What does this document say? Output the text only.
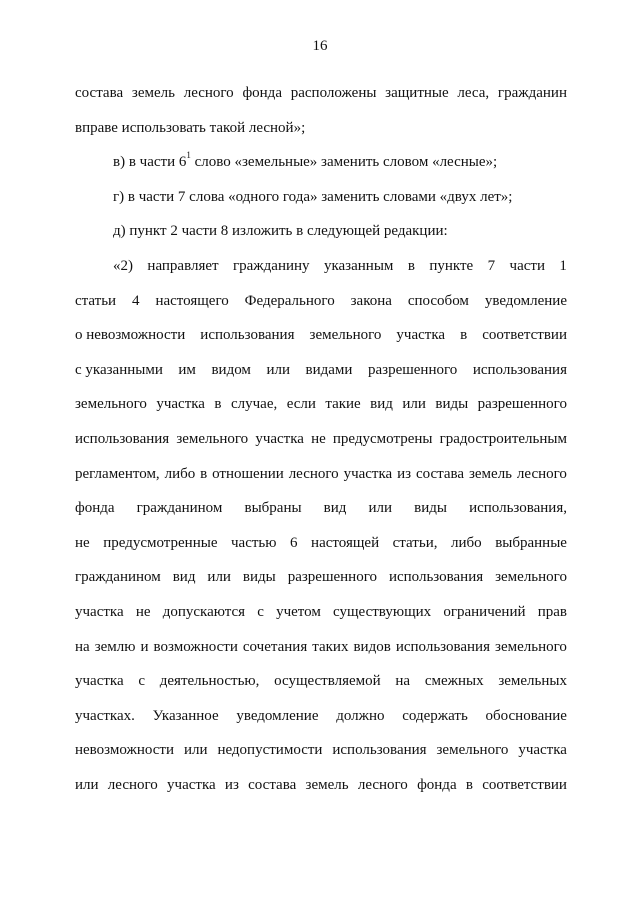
16
состава земель лесного фонда расположены защитные леса, гражданин
вправе использовать такой лесной»;
в) в части $6^1$ слово «земельные» заменить словом «лесные»;
г) в части 7 слова «одного года» заменить словами «двух лет»;
д) пункт 2 части 8 изложить в следующей редакции:
«2) направляет гражданину указанным в пункте 7 части 1
статьи 4 настоящего Федерального закона способом уведомление
о невозможности использования земельного участка в соответствии
с указанными им видом или видами разрешенного использования
земельного участка в случае, если такие вид или виды разрешенного
использования земельного участка не предусмотрены градостроительным
регламентом, либо в отношении лесного участка из состава земель лесного
фонда гражданином выбраны вид или виды использования,
не предусмотренные частью 6 настоящей статьи, либо выбранные
гражданином вид или виды разрешенного использования земельного
участка не допускаются с учетом существующих ограничений прав
на землю и возможности сочетания таких видов использования земельного
участка с деятельностью, осуществляемой на смежных земельных
участках. Указанное уведомление должно содержать обоснование
невозможности или недопустимости использования земельного участка
или лесного участка из состава земель лесного фонда в соответствии
